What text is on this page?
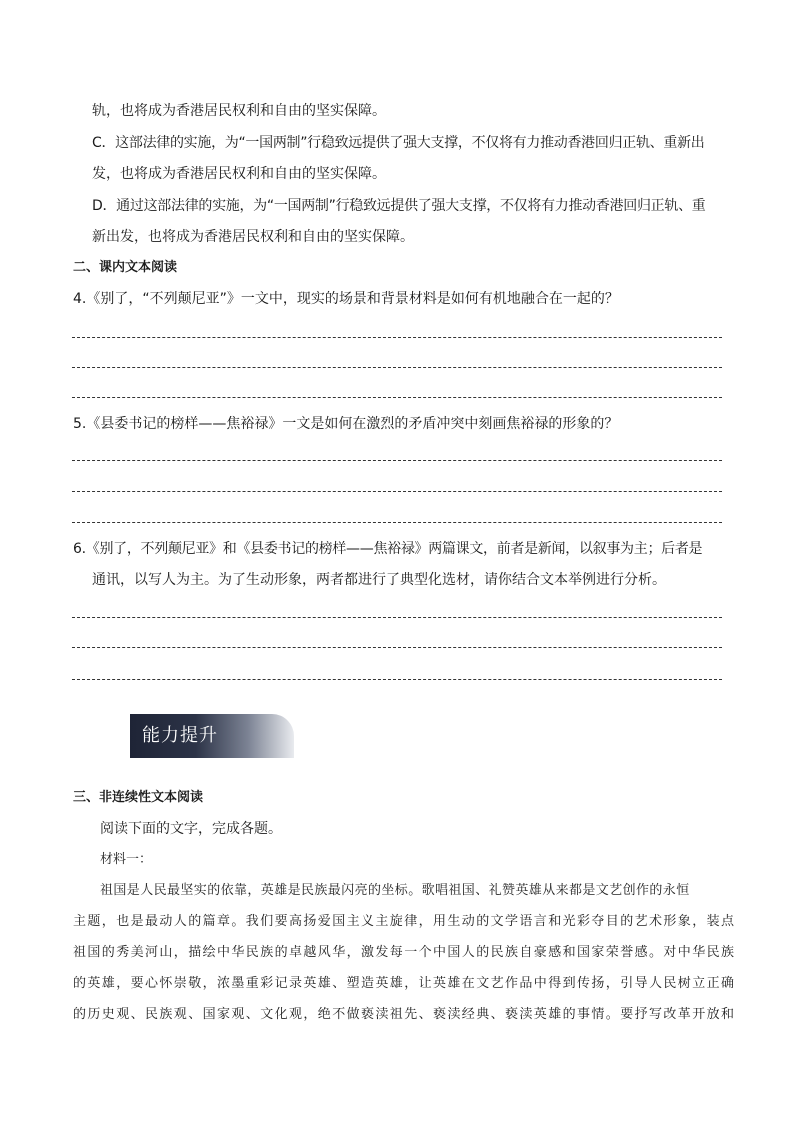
轨，也将成为香港居民权利和自由的坚实保障。
C．这部法律的实施，为“一国两制”行稳致远提供了强大支撑，不仅将有力推动香港回归正轨、重新出
发，也将成为香港居民权利和自由的坚实保障。
D．通过这部法律的实施，为“一国两制”行稳致远提供了强大支撑，不仅将有力推动香港回归正轨、重
新出发，也将成为香港居民权利和自由的坚实保障。
二、课内文本阅读
4.《别了，“不列颠尼亚”》一文中，现实的场景和背景材料是如何有机地融合在一起的？
5.《县委书记的榜样——焦裕禄》一文是如何在激烈的矛盾冲突中刻画焦裕禄的形象的？
6.《别了，不列颠尼亚》和《县委书记的榜样——焦裕禄》两篇课文，前者是新闻，以叙事为主；后者是
通讯，以写人为主。为了生动形象，两者都进行了典型化选材，请你结合文本举例进行分析。
能力提升
三、非连续性文本阅读
阅读下面的文字，完成各题。
材料一：
祖国是人民最坚实的依靠，英雄是民族最闪亮的坐标。歌唱祖国、礼赞英雄从来都是文艺创作的永恒
主题，也是最动人的篇章。我们要高扬爱国主义主旋律，用生动的文学语言和光彩夺目的艺术形象，装点
祖国的秀美河山，描绘中华民族的卓越风华，激发每一个中国人的民族自豪感和国家荣誉感。对中华民族
的英雄，要心怀崇敬，浓墨重彩记录英雄、塑造英雄，让英雄在文艺作品中得到传扬，引导人民树立正确
的历史观、民族观、国家观、文化观，绝不做亵渎祖先、亵渎经典、亵渎英雄的事情。要抒写改革开放和
